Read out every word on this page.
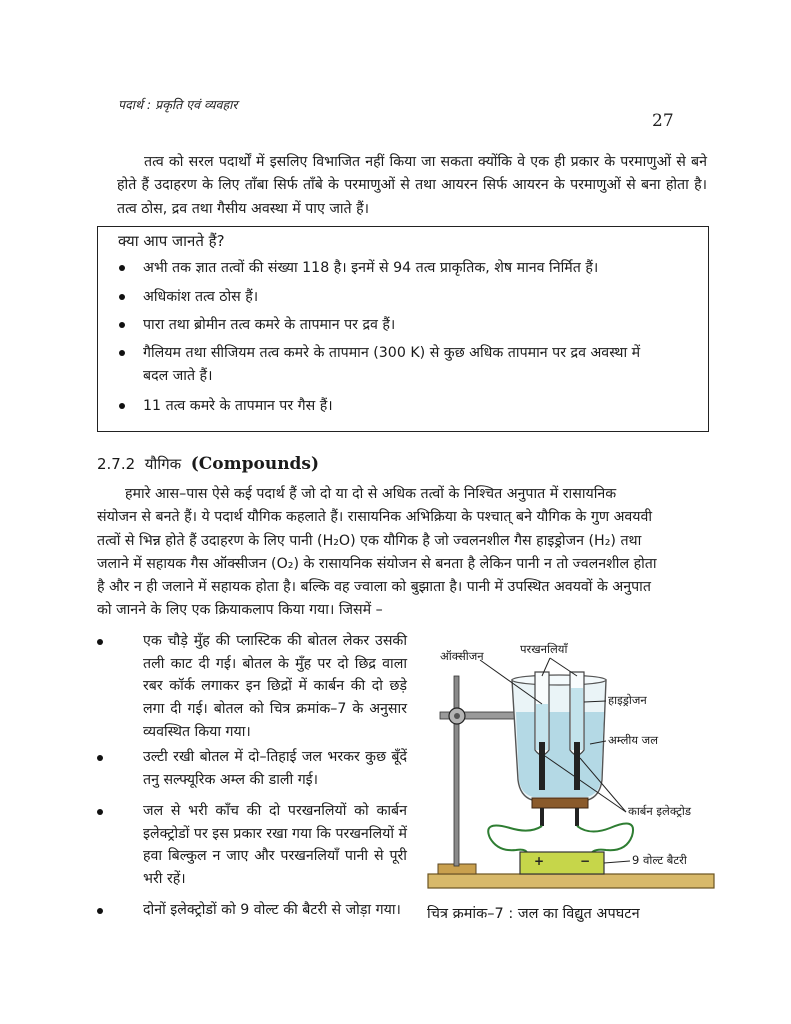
पदार्थ : प्रकृति एवं व्यवहार
27
तत्व को सरल पदार्थों में इसलिए विभाजित नहीं किया जा सकता क्योंकि वे एक ही प्रकार के परमाणुओं से बने होते हैं उदाहरण के लिए ताँबा सिर्फ ताँबे के परमाणुओं से तथा आयरन सिर्फ आयरन के परमाणुओं से बना होता है। तत्व ठोस, द्रव तथा गैसीय अवस्था में पाए जाते हैं।
क्या आप जानते हैं?
अभी तक ज्ञात तत्वों की संख्या 118 है। इनमें से 94 तत्व प्राकृतिक, शेष मानव निर्मित हैं।
अधिकांश तत्व ठोस हैं।
पारा तथा ब्रोमीन तत्व कमरे के तापमान पर द्रव हैं।
गैलियम तथा सीजियम तत्व कमरे के तापमान (300 K) से कुछ अधिक तापमान पर द्रव अवस्था में
बदल जाते हैं।
11 तत्व कमरे के तापमान पर गैस हैं।
2.7.2 यौगिक (Compounds)
हमारे आस–पास ऐसे कई पदार्थ हैं जो दो या दो से अधिक तत्वों के निश्चित अनुपात में रासायनिक
संयोजन से बनते हैं। ये पदार्थ यौगिक कहलाते हैं। रासायनिक अभिक्रिया के पश्चात् बने यौगिक के गुण अवयवी
तत्वों से भिन्न होते हैं उदाहरण के लिए पानी (H₂O) एक यौगिक है जो ज्वलनशील गैस हाइड्रोजन (H₂) तथा
जलाने में सहायक गैस ऑक्सीजन (O₂) के रासायनिक संयोजन से बनता है लेकिन पानी न तो ज्वलनशील होता
है और न ही जलाने में सहायक होता है। बल्कि वह ज्वाला को बुझाता है। पानी में उपस्थित अवयवों के अनुपात
को जानने के लिए एक क्रियाकलाप किया गया। जिसमें –
एक चौड़े मुँह की प्लास्टिक की बोतल लेकर उसकी तली काट दी गई। बोतल के मुँह पर दो छिद्र वाला रबर कॉर्क लगाकर इन छिद्रों में कार्बन की दो छड़े लगा दी गई। बोतल को चित्र क्रमांक–7 के अनुसार व्यवस्थित किया गया।
उल्टी रखी बोतल में दो–तिहाई जल भरकर कुछ बूँदें तनु सल्फ्यूरिक अम्ल की डाली गई।
जल से भरी काँच की दो परखनलियों को कार्बन इलेक्ट्रोडों पर इस प्रकार रखा गया कि परखनलियों में हवा बिल्कुल न जाए और परखनलियाँ पानी से पूरी भरी रहें।
दोनों इलेक्ट्रोडों को 9 वोल्ट की बैटरी से जोड़ा गया।
+	−
ऑक्सीजन	परखनलियाँ
हाइड्रोजन
अम्लीय जल
कार्बन इलेक्ट्रोड
9 वोल्ट बैटरी
चित्र क्रमांक–7 : जल का विद्युत अपघटन
